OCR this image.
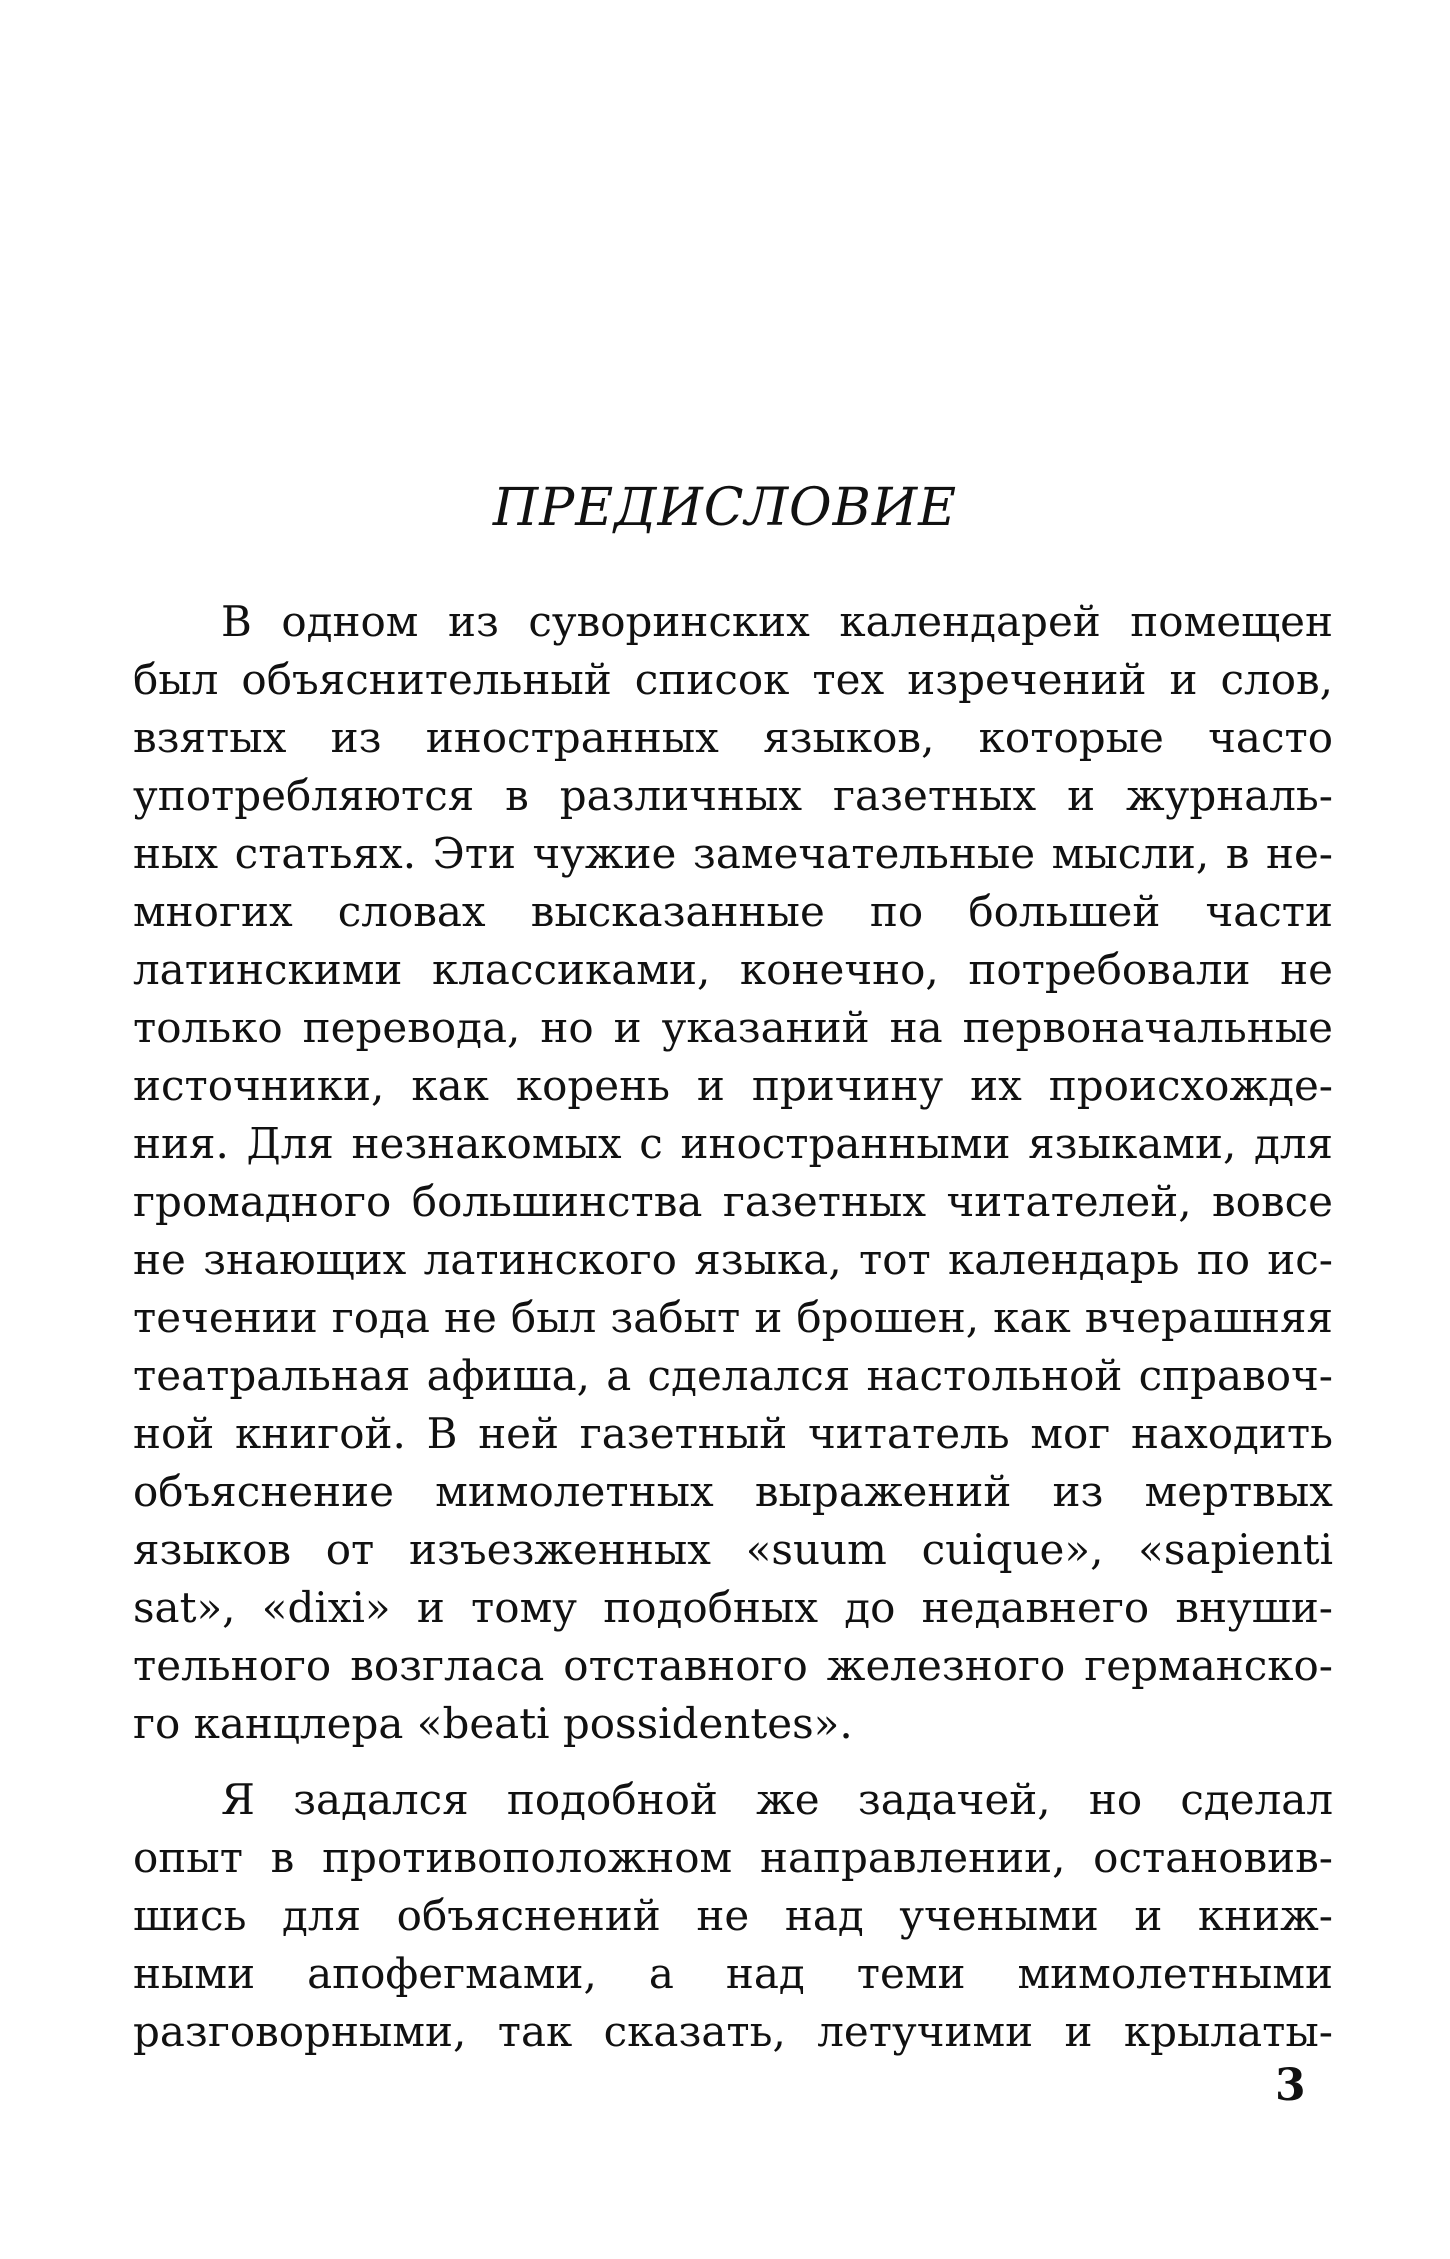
ПРЕДИСЛОВИЕ
В одном из суворинских календарей помещен
был объяснительный список тех изречений и слов,
взятых из иностранных языков, которые часто
употребляются в различных газетных и журналь-
ных статьях. Эти чужие замечательные мысли, в не-
многих словах высказанные по большей части
латинскими классиками, конечно, потребовали не
только перевода, но и указаний на первоначальные
источники, как корень и причину их происхожде-
ния. Для незнакомых с иностранными языками, для
громадного большинства газетных читателей, вовсе
не знающих латинского языка, тот календарь по ис-
течении года не был забыт и брошен, как вчерашняя
театральная афиша, а сделался настольной справоч-
ной книгой. В ней газетный читатель мог находить
объяснение мимолетных выражений из мертвых
языков от изъезженных «suum cuique», «sapienti
sat», «dixi» и тому подобных до недавнего внуши-
тельного возгласа отставного железного германско-
го канцлера «beati possidentes».
Я задался подобной же задачей, но сделал
опыт в противоположном направлении, остановив-
шись для объяснений не над учеными и книж-
ными апофегмами, а над теми мимолетными
разговорными, так сказать, летучими и крылаты-
3
